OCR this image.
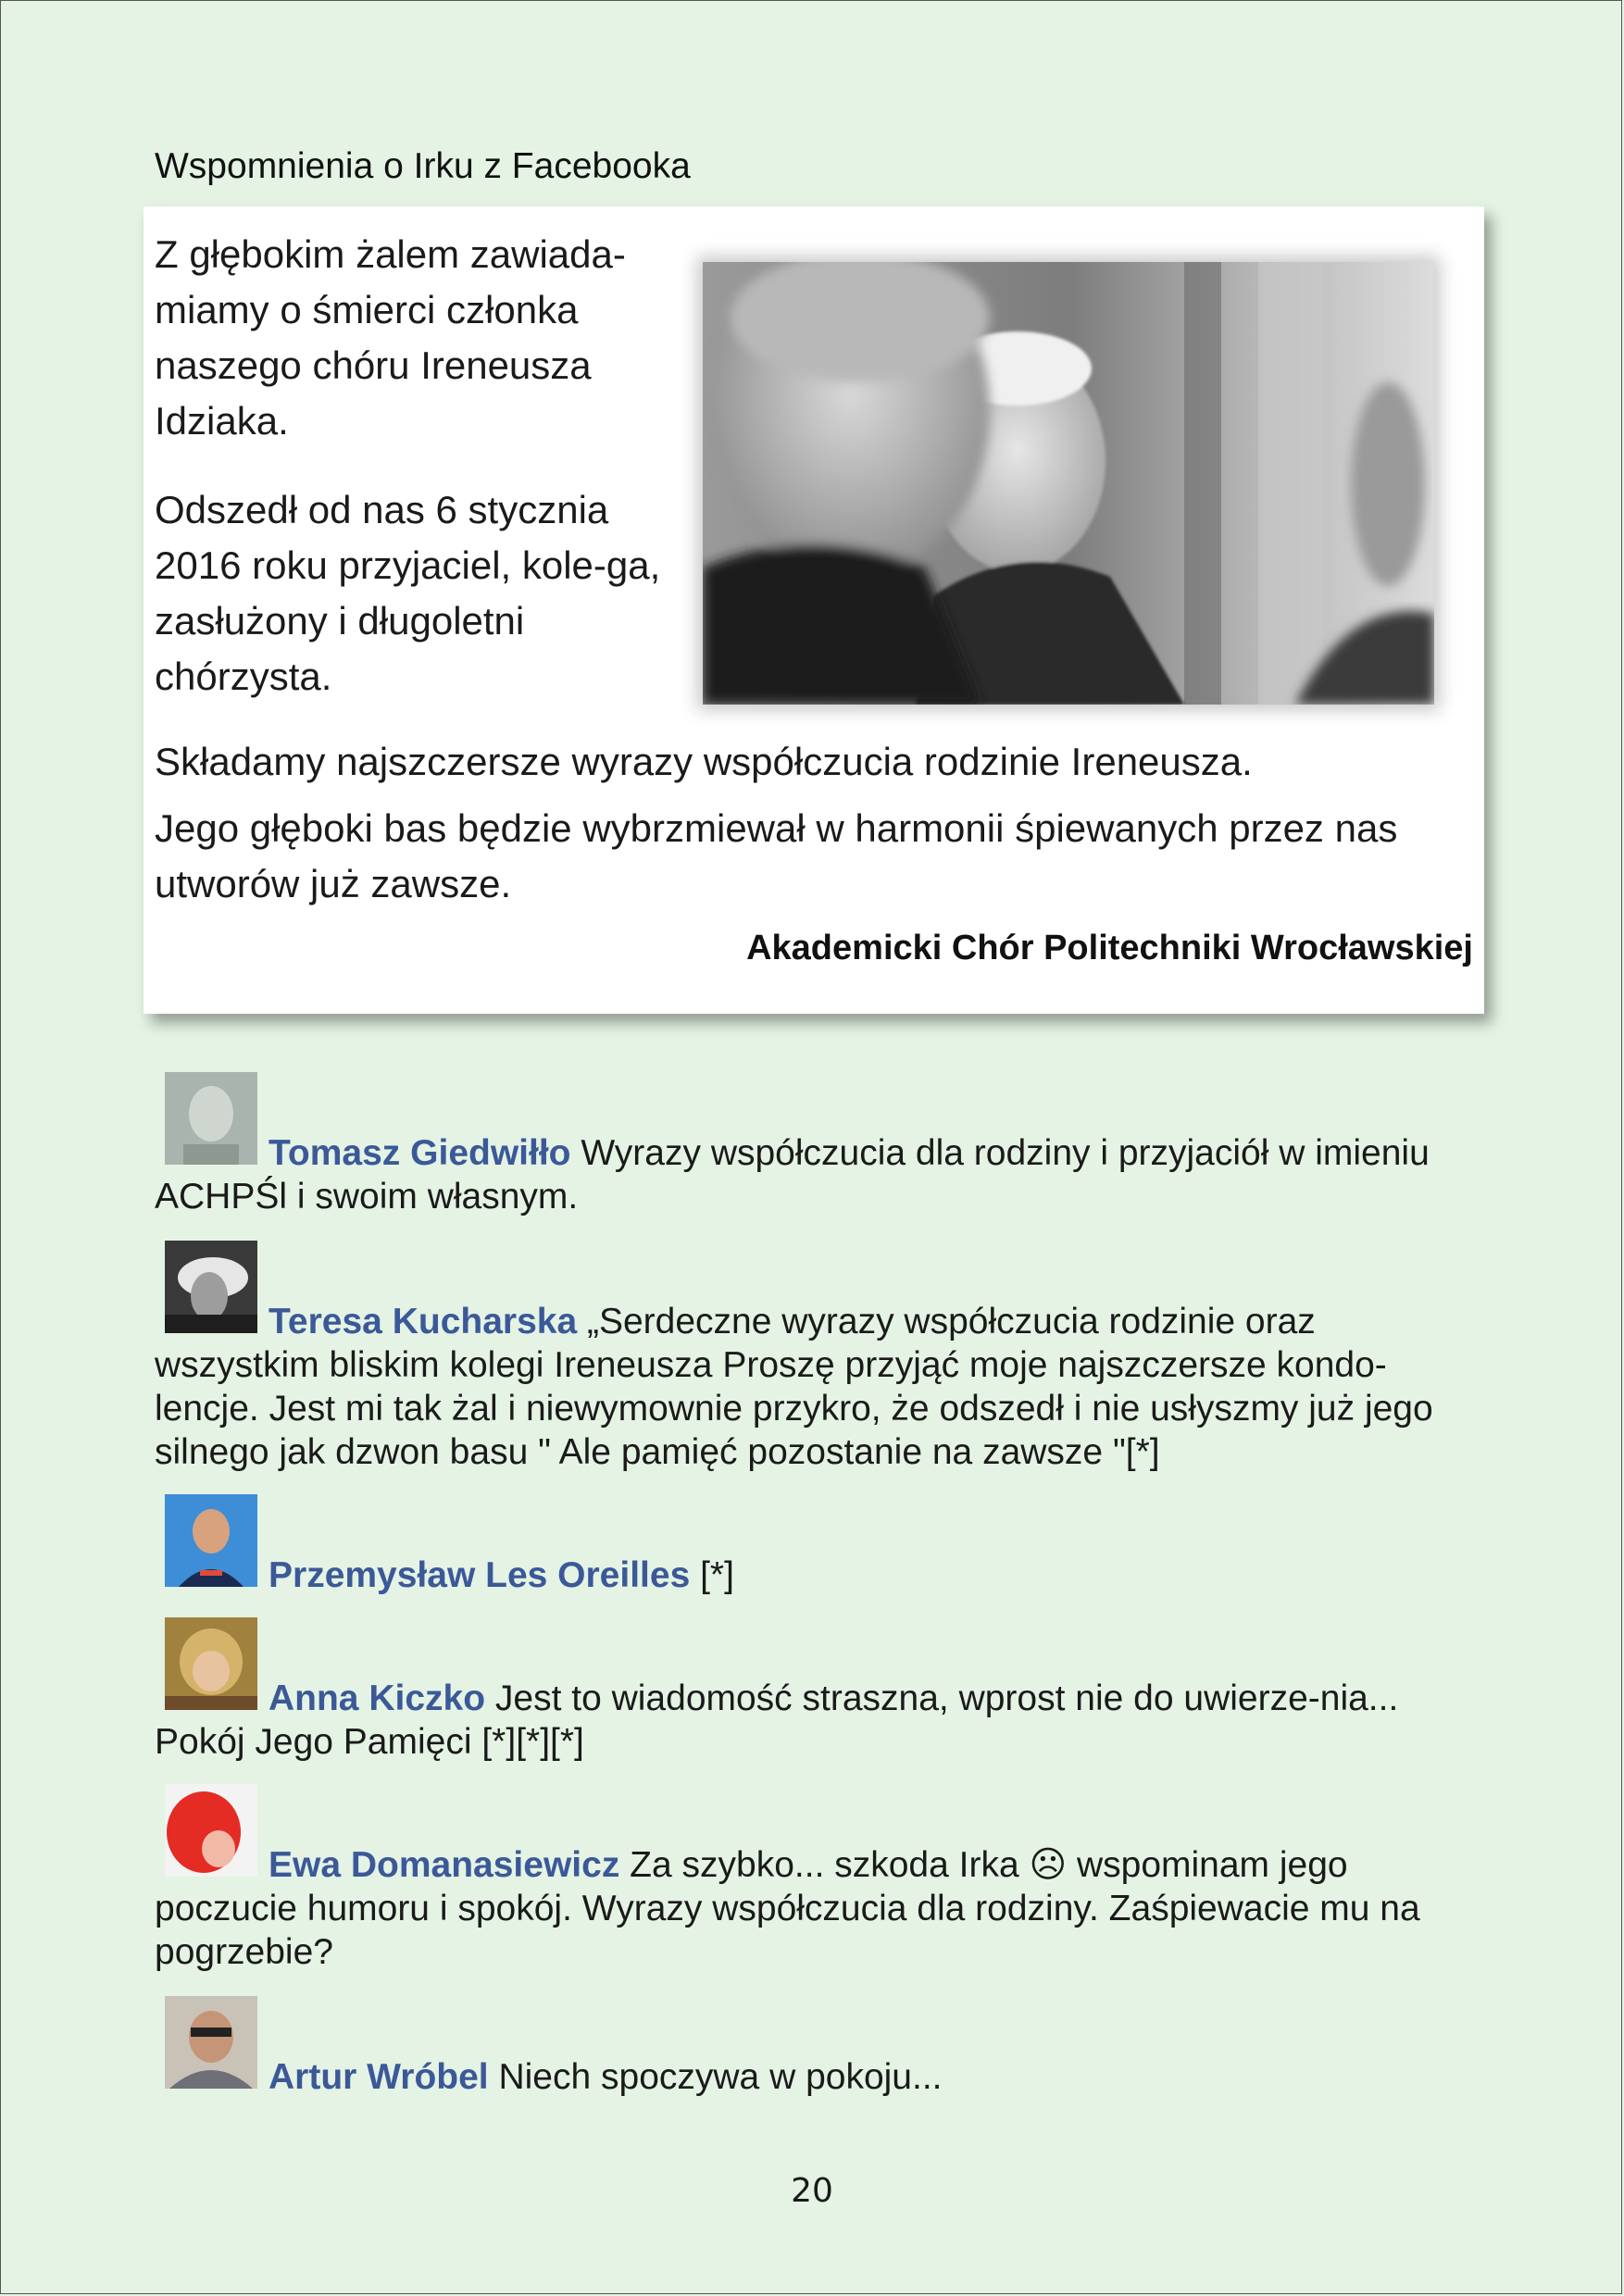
Wspomnienia o Irku z Facebooka

Z głębokim żalem zawiada-miamy o śmierci członka naszego chóru Ireneusza Idziaka.

Odszedł od nas 6 stycznia 2016 roku przyjaciel, kole-ga, zasłużony i długoletni chórzysta.

Składamy najszczersze wyrazy współczucia rodzinie Ireneusza.

Jego głęboki bas będzie wybrzmiewał w harmonii śpiewanych przez nas utworów już zawsze.

Akademicki Chór Politechniki Wrocławskiej
Tomasz Giedwiłło Wyrazy współczucia dla rodziny i przyjaciół w imieniu ACHPŚl i swoim własnym.
Teresa Kucharska „Serdeczne wyrazy współczucia rodzinie oraz wszystkim bliskim kolegi Ireneusza Proszę przyjąć moje najszczersze kondo-lencje. Jest mi tak żal i niewymownie przykro, że odszedł i nie usłyszmy już jego silnego jak dzwon basu " Ale pamięć pozostanie na zawsze "[*]
Przemysław Les Oreilles [*]
Anna Kiczko Jest to wiadomość straszna, wprost nie do uwierze-nia... Pokój Jego Pamięci [*][*][*]
Ewa Domanasiewicz Za szybko... szkoda Irka ☹ wspominam jego poczucie humoru i spokój. Wyrazy współczucia dla rodziny. Zaśpiewacie mu na pogrzebie?
Artur Wróbel Niech spoczywa w pokoju...
20
